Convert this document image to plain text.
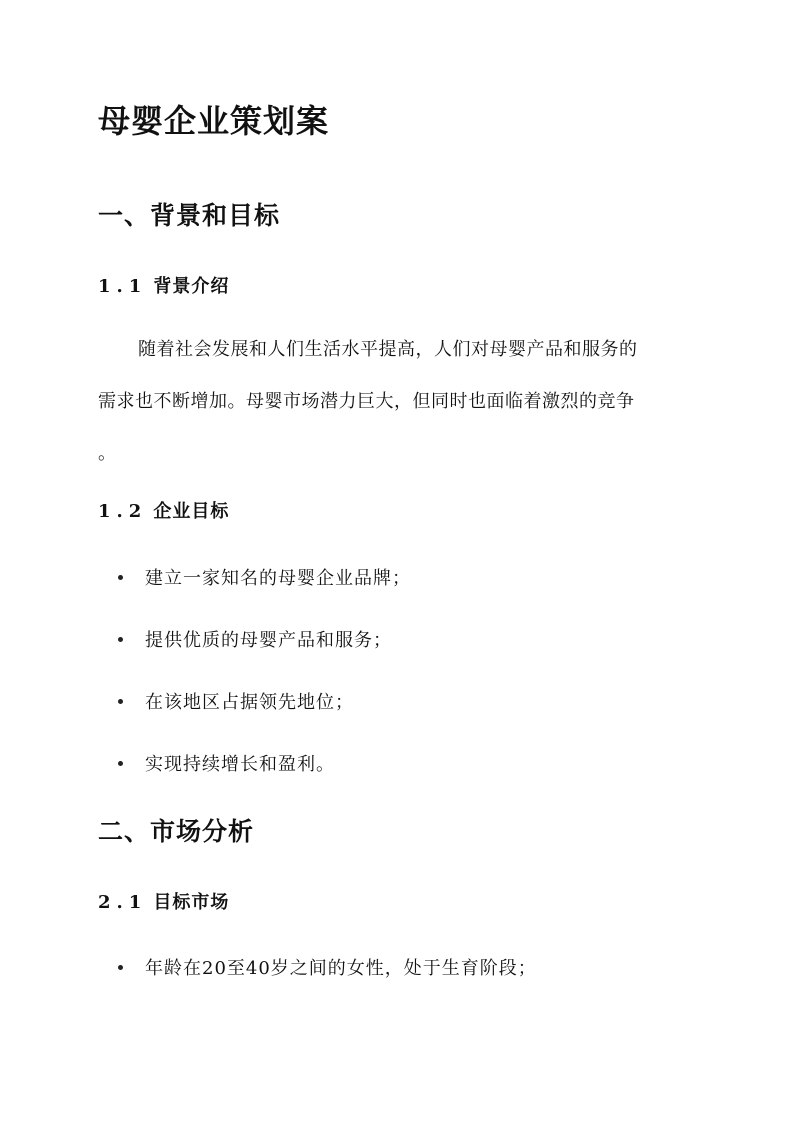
母婴企业策划案
一、背景和目标
1.1 背景介绍
随着社会发展和人们生活水平提高，人们对母婴产品和服务的
需求也不断增加。母婴市场潜力巨大，但同时也面临着激烈的竞争
。
1.2 企业目标

建立一家知名的母婴企业品牌；

提供优质的母婴产品和服务；

在该地区占据领先地位；

实现持续增长和盈利。

二、市场分析
2.1 目标市场

年龄在20至40岁之间的女性，处于生育阶段；
